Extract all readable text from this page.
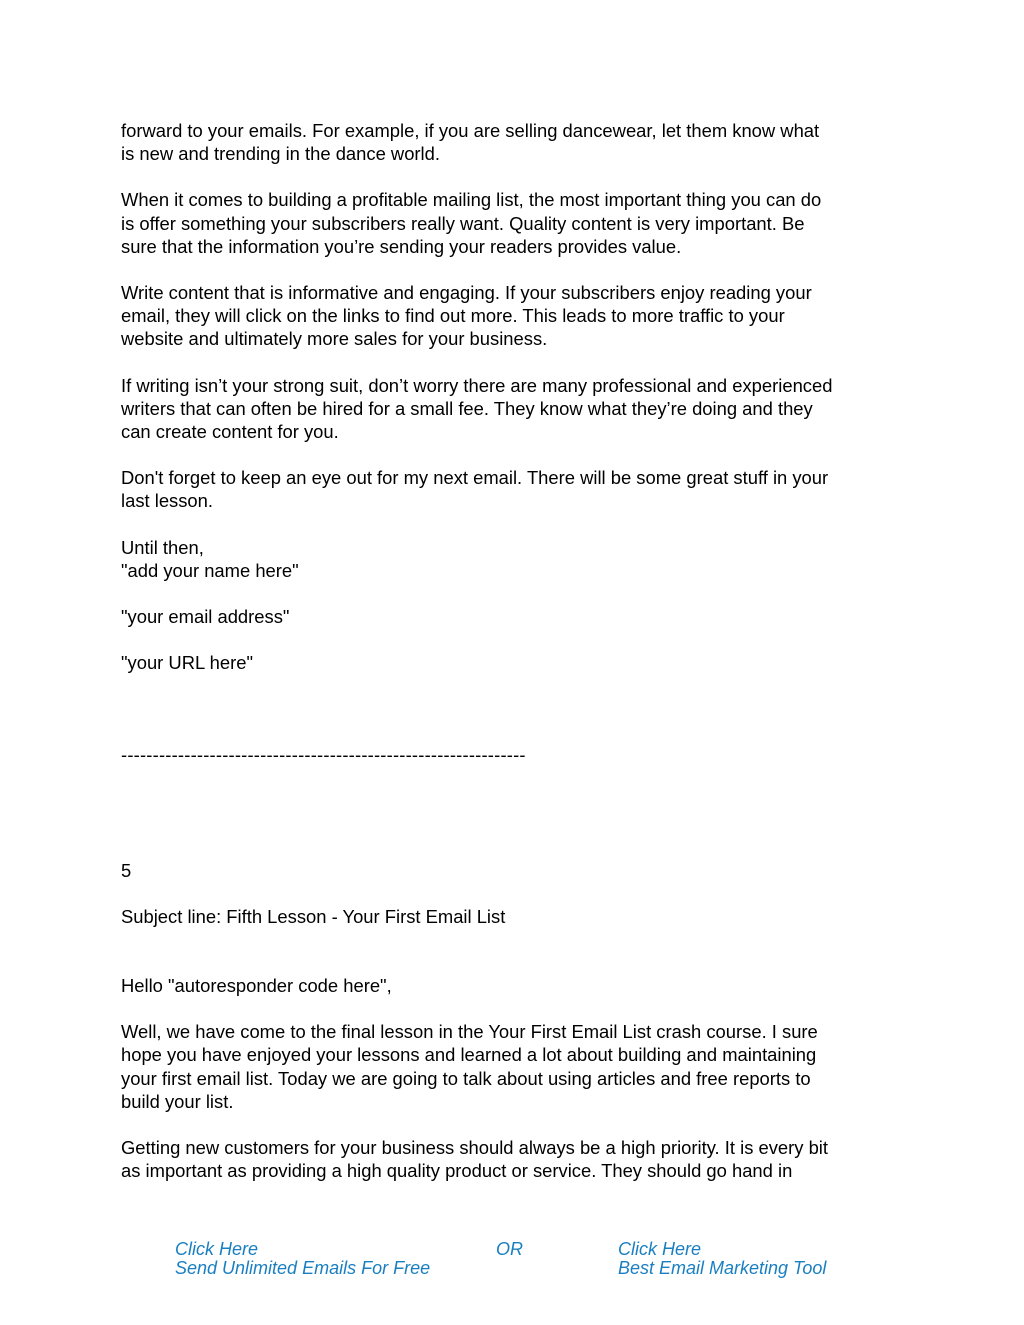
forward to your emails. For example, if you are selling dancewear, let them know what
is new and trending in the dance world.

When it comes to building a profitable mailing list, the most important thing you can do
is offer something your subscribers really want. Quality content is very important. Be
sure that the information you’re sending your readers provides value.

Write content that is informative and engaging. If your subscribers enjoy reading your
email, they will click on the links to find out more. This leads to more traffic to your
website and ultimately more sales for your business.

If writing isn’t your strong suit, don’t worry there are many professional and experienced
writers that can often be hired for a small fee. They know what they’re doing and they
can create content for you.

Don't forget to keep an eye out for my next email. There will be some great stuff in your
last lesson.

Until then,
"add your name here"

"your email address"

"your URL here"

----------------------------------------------------------------

5

Subject line: Fifth Lesson - Your First Email List

Hello "autoresponder code here",

Well, we have come to the final lesson in the Your First Email List crash course. I sure
hope you have enjoyed your lessons and learned a lot about building and maintaining
your first email list. Today we are going to talk about using articles and free reports to
build your list.

Getting new customers for your business should always be a high priority. It is every bit
as important as providing a high quality product or service. They should go hand in

Click Here
Send Unlimited Emails For Free
OR	Click Here
Best Email Marketing Tool
